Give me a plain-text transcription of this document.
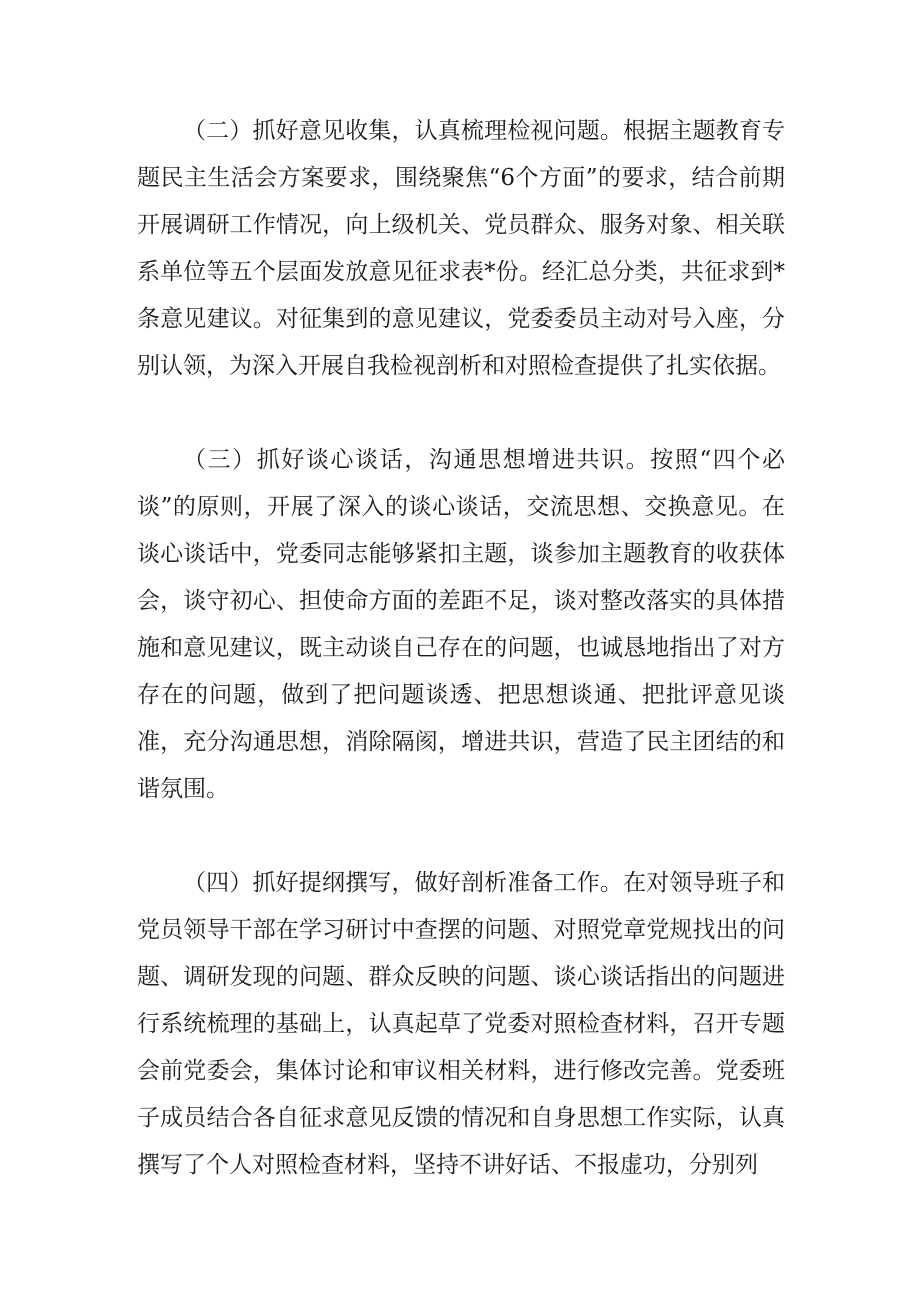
（二）抓好意见收集，认真梳理检视问题。根据主题教育专题民主生活会方案要求，围绕聚焦“6个方面”的要求，结合前期开展调研工作情况，向上级机关、党员群众、服务对象、相关联系单位等五个层面发放意见征求表*份。经汇总分类，共征求到*条意见建议。对征集到的意见建议，党委委员主动对号入座，分别认领，为深入开展自我检视剖析和对照检查提供了扎实依据。

（三）抓好谈心谈话，沟通思想增进共识。按照“四个必谈”的原则，开展了深入的谈心谈话，交流思想、交换意见。在谈心谈话中，党委同志能够紧扣主题，谈参加主题教育的收获体会，谈守初心、担使命方面的差距不足，谈对整改落实的具体措施和意见建议，既主动谈自己存在的问题，也诚恳地指出了对方存在的问题，做到了把问题谈透、把思想谈通、把批评意见谈准，充分沟通思想，消除隔阂，增进共识，营造了民主团结的和谐氛围。

（四）抓好提纲撰写，做好剖析准备工作。在对领导班子和党员领导干部在学习研讨中查摆的问题、对照党章党规找出的问题、调研发现的问题、群众反映的问题、谈心谈话指出的问题进行系统梳理的基础上，认真起草了党委对照检查材料，召开专题会前党委会，集体讨论和审议相关材料，进行修改完善。党委班子成员结合各自征求意见反馈的情况和自身思想工作实际，认真撰写了个人对照检查材料，坚持不讲好话、不报虚功，分别列
